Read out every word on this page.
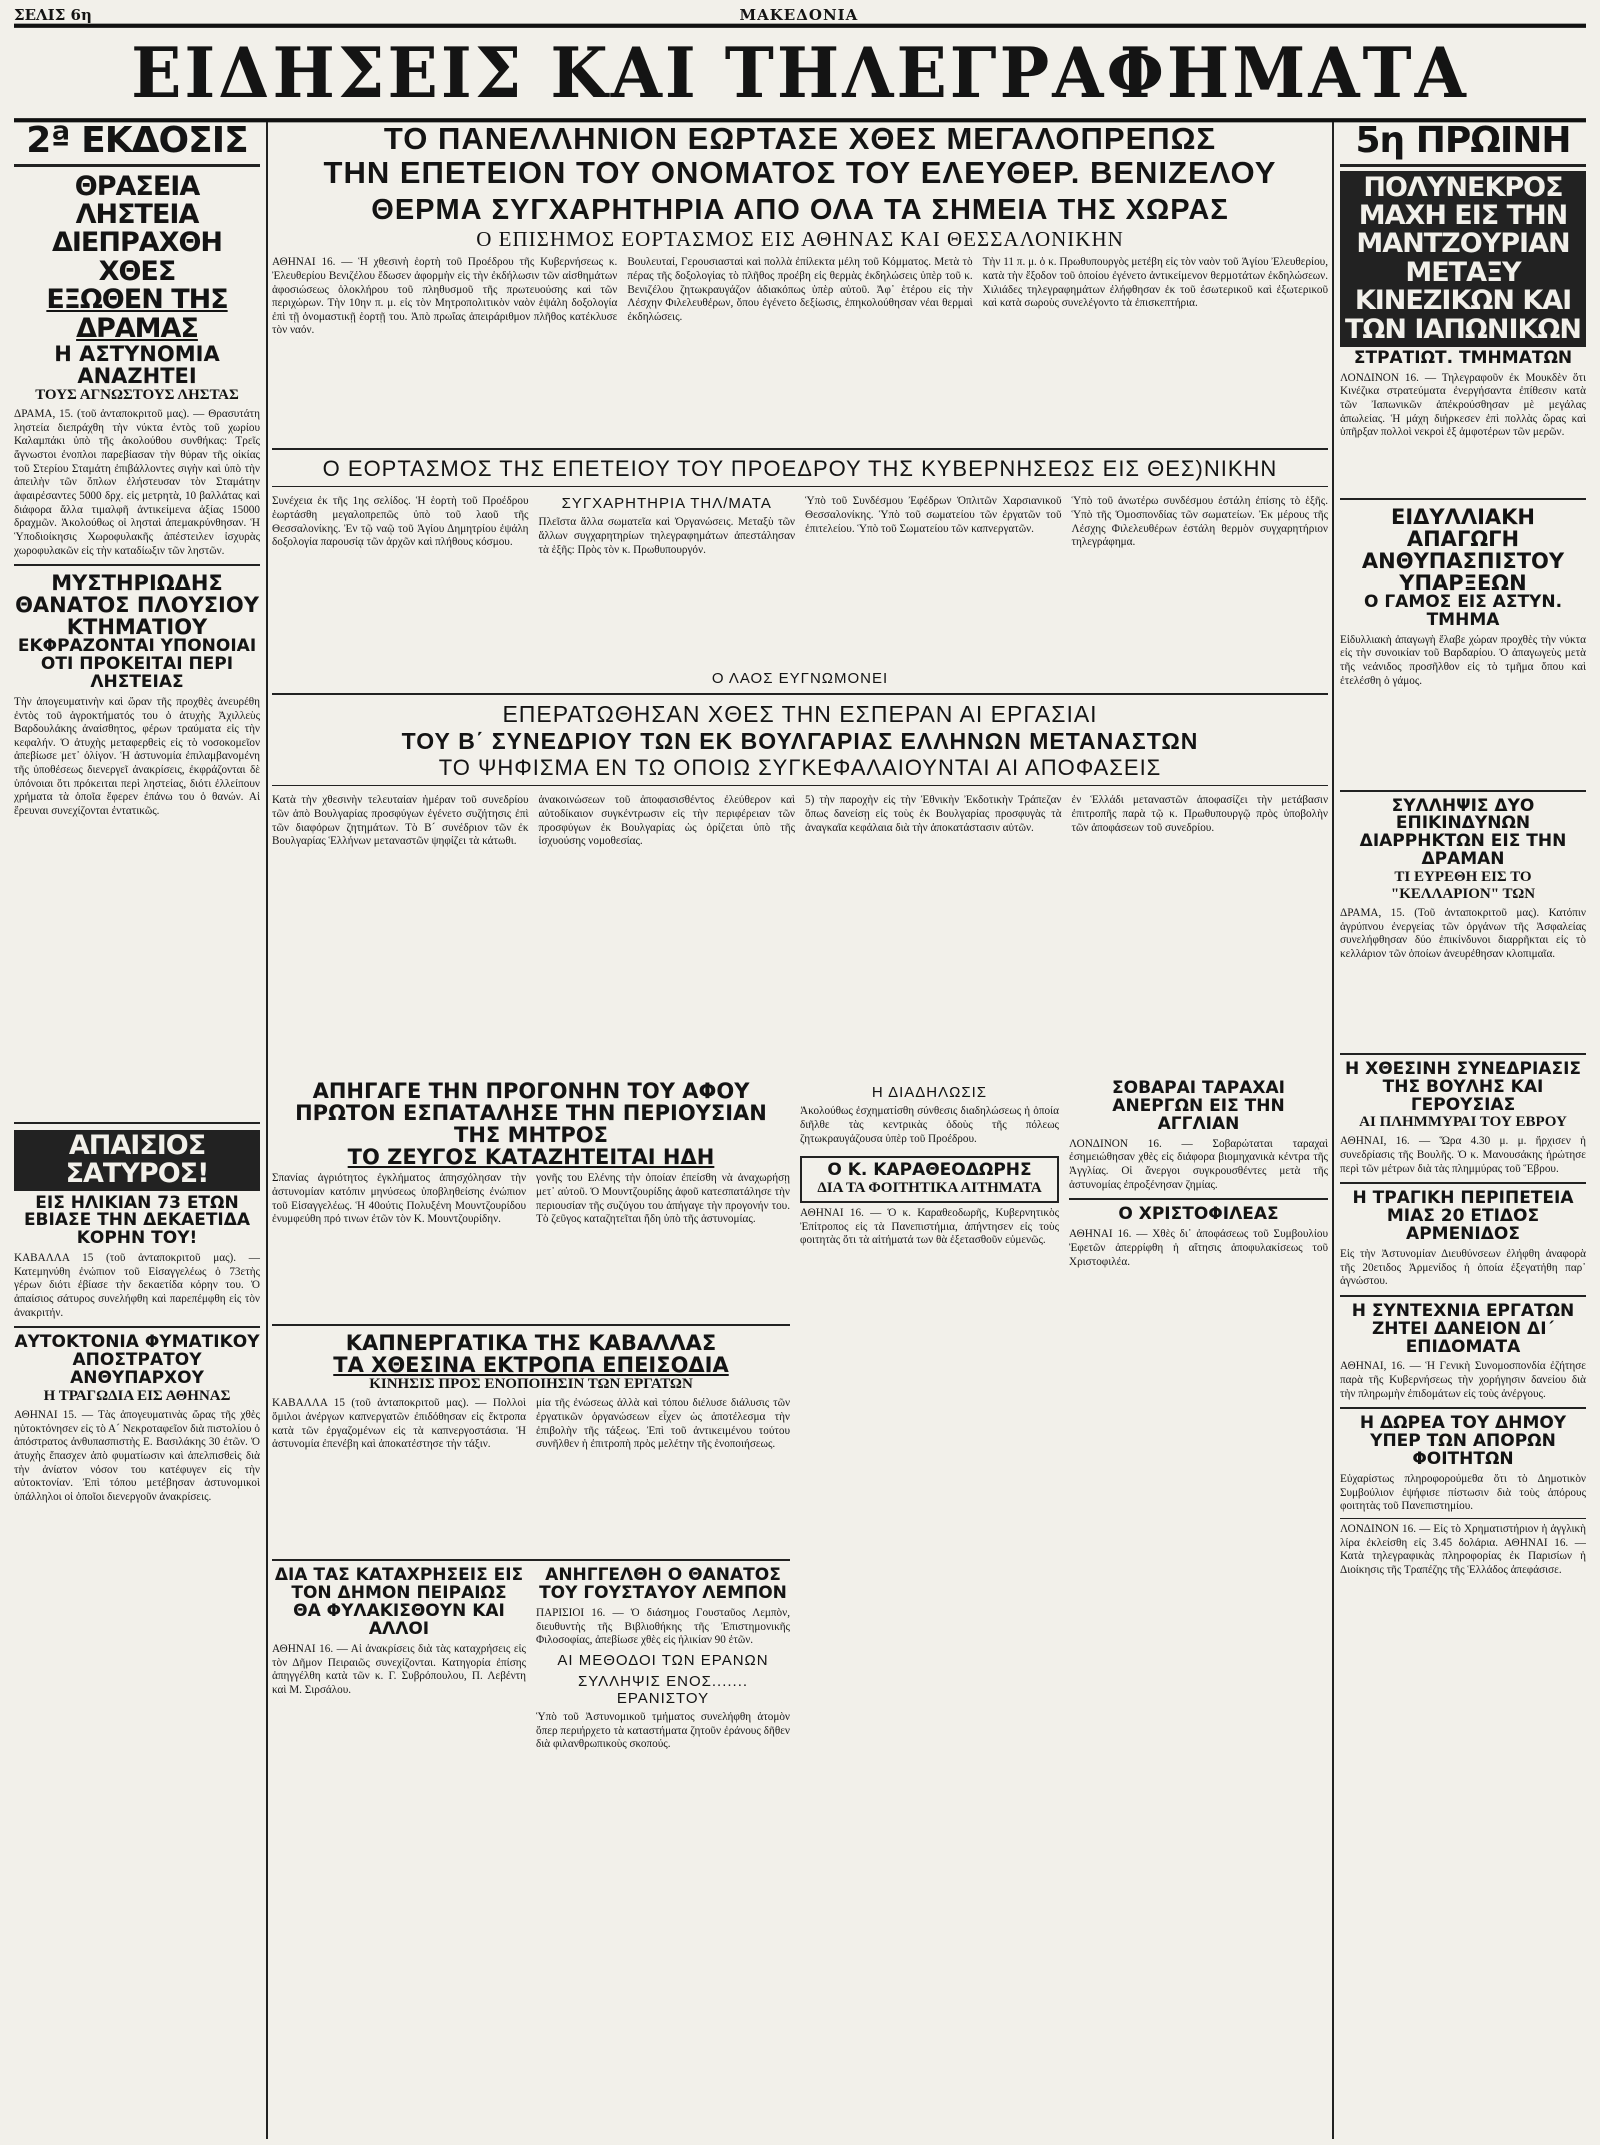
ΣΕΛΙΣ 6η	ΜΑΚΕΔΟΝΙΑ
ΕΙΔΗΣΕΙΣ ΚΑΙ ΤΗΛΕΓΡΑΦΗΜΑΤΑ
2ª ΕΚΔΟΣΙΣ
ΘΡΑΣΕΙΑ ΛΗΣΤΕΙΑ ΔΙΕΠΡΑΧΘΗ ΧΘΕΣ
ΕΞΩΘΕΝ ΤΗΣ ΔΡΑΜΑΣ
Η ΑΣΤΥΝΟΜΙΑ ΑΝΑΖΗΤΕΙ
ΤΟΥΣ ΑΓΝΩΣΤΟΥΣ ΛΗΣΤΑΣ
ΔΡΑΜΑ, 15. (τοῦ ἀνταποκριτοῦ μας). — Θρασυτάτη ληστεία διεπράχθη τὴν νύκτα ἐντὸς τοῦ χωρίου Καλαμπάκι ὑπὸ τῆς ἀκολούθου συνθήκας: Τρεῖς ἄγνωστοι ἐνοπλοι παρεβίασαν τὴν θύραν τῆς οἰκίας τοῦ Στερίου Σταμάτη ἐπιβάλλοντες σιγὴν καὶ ὑπὸ τὴν ἀπειλὴν τῶν ὅπλων ἐλήστευσαν τὸν Σταμάτην ἀφαιρέσαντες 5000 δρχ. εἰς μετρητὰ, 10 βαλλάτας καὶ διάφορα ἄλλα τιμαλφῆ ἀντικείμενα ἀξίας 15000 δραχμῶν. Ἀκολούθως οἱ λησταὶ ἀπεμακρύνθησαν. Ἡ Ὑποδιοίκησις Χωροφυλακῆς ἀπέστειλεν ἰσχυρὰς χωροφυλακῶν εἰς τὴν καταδίωξιν τῶν ληστῶν.
ΜΥΣΤΗΡΙΩΔΗΣ ΘΑΝΑΤΟΣ ΠΛΟΥΣΙΟΥ ΚΤΗΜΑΤΙΟΥ
ΕΚΦΡΑΖΟΝΤΑΙ ΥΠΟΝΟΙΑΙ ΟΤΙ ΠΡΟΚΕΙΤΑΙ ΠΕΡΙ ΛΗΣΤΕΙΑΣ
Τὴν ἀπογευματινὴν καὶ ὥραν τῆς προχθὲς ἀνευρέθη ἐντὸς τοῦ ἀγροκτήματός του ὁ ἀτυχὴς Ἀχιλλεὺς Βαρδουλάκης ἀναίσθητος, φέρων τραύματα εἰς τὴν κεφαλήν. Ὁ ἀτυχὴς μεταφερθεὶς εἰς τὸ νοσοκομεῖον ἀπεβίωσε μετ᾽ ὀλίγον. Ἡ ἀστυνομία ἐπιλαμβανομένη τῆς ὑποθέσεως διενεργεῖ ἀνακρίσεις, ἐκφράζονται δὲ ὑπόνοιαι ὅτι πρόκειται περὶ ληστείας, διότι ἐλλείπουν χρήματα τὰ ὁποῖα ἔφερεν ἐπάνω του ὁ θανών. Αἱ ἔρευναι συνεχίζονται ἐντατικῶς.
ΑΠΑΙΣΙΟΣ ΣΑΤΥΡΟΣ!
ΕΙΣ ΗΛΙΚΙΑΝ 73 ΕΤΩΝ ΕΒΙΑΣΕ ΤΗΝ ΔΕΚΑΕΤΙΔΑ ΚΟΡΗΝ ΤΟΥ!
ΚΑΒΑΛΛΑ 15 (τοῦ ἀνταποκριτοῦ μας). — Κατεμηνύθη ἐνώπιον τοῦ Εἰσαγγελέως ὁ 73ετὴς γέρων διότι ἐβίασε τὴν δεκαετίδα κόρην του. Ὁ ἀπαίσιος σάτυρος συνελήφθη καὶ παρεπέμφθη εἰς τὸν ἀνακριτήν.
ΑΥΤΟΚΤΟΝΙΑ ΦΥΜΑΤΙΚΟΥ ΑΠΟΣΤΡΑΤΟΥ ΑΝΘΥΠΑΡΧΟΥ
Η ΤΡΑΓΩΔΙΑ ΕΙΣ ΑΘΗΝΑΣ
ΑΘΗΝΑΙ 15. — Τὰς ἀπογευματινὰς ὥρας τῆς χθὲς ηὐτοκτόνησεν εἰς τὸ Α´ Νεκροταφεῖον διὰ πιστολίου ὁ ἀπόστρατος ἀνθυπασπιστὴς Ε. Βασιλάκης 30 ἐτῶν. Ὁ ἀτυχὴς ἔπασχεν ἀπὸ φυματίωσιν καὶ ἀπελπισθεὶς διὰ τὴν ἀνίατον νόσον του κατέφυγεν εἰς τὴν αὐτοκτονίαν. Ἐπὶ τόπου μετέβησαν ἀστυνομικοὶ ὑπάλληλοι οἱ ὁποῖοι διενεργοῦν ἀνακρίσεις.
ΤΟ ΠΑΝΕΛΛΗΝΙΟΝ ΕΩΡΤΑΣΕ ΧΘΕΣ ΜΕΓΑΛΟΠΡΕΠΩΣ
ΤΗΝ ΕΠΕΤΕΙΟΝ ΤΟΥ ΟΝΟΜΑΤΟΣ ΤΟΥ ΕΛΕΥΘΕΡ. ΒΕΝΙΖΕΛΟΥ
ΘΕΡΜΑ ΣΥΓΧΑΡΗΤΗΡΙΑ ΑΠΟ ΟΛΑ ΤΑ ΣΗΜΕΙΑ ΤΗΣ ΧΩΡΑΣ
Ο ΕΠΙΣΗΜΟΣ ΕΟΡΤΑΣΜΟΣ ΕΙΣ ΑΘΗΝΑΣ ΚΑΙ ΘΕΣΣΑΛΟΝΙΚΗΝ
ΑΘΗΝΑΙ 16. — Ἡ χθεσινὴ ἑορτὴ τοῦ Προέδρου τῆς Κυβερνήσεως κ. Ἐλευθερίου Βενιζέλου ἔδωσεν ἀφορμὴν εἰς τὴν ἐκδήλωσιν τῶν αἰσθημάτων ἀφοσιώσεως ὁλοκλήρου τοῦ πληθυσμοῦ τῆς πρωτευούσης καὶ τῶν περιχώρων. Τὴν 10ην π. μ. εἰς τὸν Μητροπολιτικὸν ναὸν ἐψάλη δοξολογία ἐπὶ τῇ ὀνομαστικῇ ἑορτῇ του. Ἀπὸ πρωΐας ἀπειράριθμον πλῆθος κατέκλυσε τὸν ναόν.
Βουλευταί, Γερουσιασταὶ καὶ πολλὰ ἐπίλεκτα μέλη τοῦ Κόμματος. Μετὰ τὸ πέρας τῆς δοξολογίας τὸ πλῆθος προέβη εἰς θερμὰς ἐκδηλώσεις ὑπὲρ τοῦ κ. Βενιζέλου ζητωκραυγάζον ἀδιακόπως ὑπὲρ αὐτοῦ. Ἀφ᾽ ἑτέρου εἰς τὴν Λέσχην Φιλελευθέρων, ὅπου ἐγένετο δεξίωσις, ἐπηκολούθησαν νέαι θερμαὶ ἐκδηλώσεις.
Τὴν 11 π. μ. ὁ κ. Πρωθυπουργὸς μετέβη εἰς τὸν ναὸν τοῦ Ἁγίου Ἐλευθερίου, κατὰ τὴν ἔξοδον τοῦ ὁποίου ἐγένετο ἀντικείμενον θερμοτάτων ἐκδηλώσεων. Χιλιάδες τηλεγραφημάτων ἐλήφθησαν ἐκ τοῦ ἐσωτερικοῦ καὶ ἐξωτερικοῦ καὶ κατὰ σωροὺς συνελέγοντο τὰ ἐπισκεπτήρια.
Ο ΕΟΡΤΑΣΜΟΣ ΤΗΣ ΕΠΕΤΕΙΟΥ ΤΟΥ ΠΡΟΕΔΡΟΥ ΤΗΣ ΚΥΒΕΡΝΗΣΕΩΣ ΕΙΣ ΘΕΣ)ΝΙΚΗΝ
Συνέχεια ἐκ τῆς 1ης σελίδος. Ἡ ἑορτὴ τοῦ Προέδρου ἑωρτάσθη μεγαλοπρεπῶς ὑπὸ τοῦ λαοῦ τῆς Θεσσαλονίκης. Ἐν τῷ ναῷ τοῦ Ἁγίου Δημητρίου ἐψάλη δοξολογία παρουσίᾳ τῶν ἀρχῶν καὶ πλήθους κόσμου.
ΣΥΓΧΑΡΗΤΗΡΙΑ ΤΗΛ/ΜΑΤΑ
Πλεῖστα ἄλλα σωματεῖα καὶ Ὀργανώσεις. Μεταξὺ τῶν ἄλλων συγχαρητηρίων τηλεγραφημάτων ἀπεστάλησαν τὰ ἑξῆς: Πρὸς τὸν κ. Πρωθυπουργόν.
Ὑπὸ τοῦ Συνδέσμου Ἐφέδρων Ὁπλιτῶν Χαρσιανικοῦ Θεσσαλονίκης. Ὑπὸ τοῦ σωματείου τῶν ἐργατῶν τοῦ ἐπιτελείου. Ὑπὸ τοῦ Σωματείου τῶν καπνεργατῶν.
Ὑπὸ τοῦ ἀνωτέρω συνδέσμου ἐστάλη ἐπίσης τὸ ἑξῆς. Ὑπὸ τῆς Ὁμοσπονδίας τῶν σωματείων. Ἐκ μέρους τῆς Λέσχης Φιλελευθέρων ἐστάλη θερμὸν συγχαρητήριον τηλεγράφημα.
Ο ΛΑΟΣ ΕΥΓΝΩΜΟΝΕΙ
ΕΠΕΡΑΤΩΘΗΣΑΝ ΧΘΕΣ ΤΗΝ ΕΣΠΕΡΑΝ ΑΙ ΕΡΓΑΣΙΑΙ
ΤΟΥ Β΄ ΣΥΝΕΔΡΙΟΥ ΤΩΝ ΕΚ ΒΟΥΛΓΑΡΙΑΣ ΕΛΛΗΝΩΝ ΜΕΤΑΝΑΣΤΩΝ
ΤΟ ΨΗΦΙΣΜΑ ΕΝ ΤΩ ΟΠΟΙΩ ΣΥΓΚΕΦΑΛΑΙΟΥΝΤΑΙ ΑΙ ΑΠΟΦΑΣΕΙΣ
Κατὰ τὴν χθεσινὴν τελευταίαν ἡμέραν τοῦ συνεδρίου τῶν ἀπὸ Βουλγαρίας προσφύγων ἐγένετο συζήτησις ἐπὶ τῶν διαφόρων ζητημάτων. Τὸ Β´ συνέδριον τῶν ἐκ Βουλγαρίας Ἑλλήνων μεταναστῶν ψηφίζει τὰ κάτωθι.
ἀνακοινώσεων τοῦ ἀποφασισθέντος ἐλεύθερον καὶ αὐτοδίκαιον συγκέντρωσιν εἰς τὴν περιφέρειαν τῶν προσφύγων ἐκ Βουλγαρίας ὡς ὁρίζεται ὑπὸ τῆς ἰσχυούσης νομοθεσίας.
5) τὴν παροχὴν εἰς τὴν Ἐθνικὴν Ἐκδοτικὴν Τράπεζαν ὅπως δανείσῃ εἰς τοὺς ἐκ Βουλγαρίας προσφυγὰς τὰ ἀναγκαῖα κεφάλαια διὰ τὴν ἀποκατάστασιν αὐτῶν.
ἐν Ἑλλάδι μεταναστῶν ἀποφασίζει τὴν μετάβασιν ἐπιτροπῆς παρὰ τῷ κ. Πρωθυπουργῷ πρὸς ὑποβολὴν τῶν ἀποφάσεων τοῦ συνεδρίου.
ΑΠΗΓΑΓΕ ΤΗΝ ΠΡΟΓΟΝΗΝ ΤΟΥ ΑΦΟΥ ΠΡΩΤΟΝ ΕΣΠΑΤΑΛΗΣΕ ΤΗΝ ΠΕΡΙΟΥΣΙΑΝ ΤΗΣ ΜΗΤΡΟΣ
ΤΟ ΖΕΥΓΟΣ ΚΑΤΑΖΗΤΕΙΤΑΙ ΗΔΗ
Σπανίας ἀγριότητος ἐγκλήματος ἀπησχόλησαν τὴν ἀστυνομίαν κατόπιν μηνύσεως ὑποβληθείσης ἐνώπιον τοῦ Εἰσαγγελέως. Ἡ 40ούτις Πολυξένη Μουντζουρίδου ἐνυμφεύθη πρό τινων ἐτῶν τὸν Κ. Μουντζουρίδην.
γονῆς του Ελένης τὴν ὁποίαν ἐπείσθη νὰ ἀναχωρήσῃ μετ᾽ αὐτοῦ. Ὁ Μουντζουρίδης ἀφοῦ κατεσπατάλησε τὴν περιουσίαν τῆς συζύγου του ἀπήγαγε τὴν προγονήν του. Τὸ ζεῦγος καταζητεῖται ἤδη ὑπὸ τῆς ἀστυνομίας.
ΚΑΠΝΕΡΓΑΤΙΚΑ ΤΗΣ ΚΑΒΑΛΛΑΣ
ΤΑ ΧΘΕΣΙΝΑ ΕΚΤΡΟΠΑ ΕΠΕΙΣΟΔΙΑ
ΚΙΝΗΣΙΣ ΠΡΟΣ ΕΝΟΠΟΙΗΣΙΝ ΤΩΝ ΕΡΓΑΤΩΝ
ΚΑΒΑΛΛΑ 15 (τοῦ ἀνταποκριτοῦ μας). — Πολλοὶ ὅμιλοι ἀνέργων καπνεργατῶν ἐπιδόθησαν εἰς ἔκτροπα κατὰ τῶν ἐργαζομένων εἰς τὰ καπνεργοστάσια. Ἡ ἀστυνομία ἐπενέβη καὶ ἀποκατέστησε τὴν τάξιν.
μία τῆς ἐνώσεως ἀλλὰ καὶ τόπου διέλυσε διάλυσις τῶν ἐργατικῶν ὀργανώσεων εἶχεν ὡς ἀποτέλεσμα τὴν ἐπιβολὴν τῆς τάξεως. Ἐπὶ τοῦ ἀντικειμένου τούτου συνῆλθεν ἡ ἐπιτροπὴ πρὸς μελέτην τῆς ἑνοποιήσεως.
ΔΙΑ ΤΑΣ ΚΑΤΑΧΡΗΣΕΙΣ ΕΙΣ ΤΟΝ ΔΗΜΟΝ ΠΕΙΡΑΙΩΣ
ΘΑ ΦΥΛΑΚΙΣΘΟΥΝ ΚΑΙ ΑΛΛΟΙ
ΑΘΗΝΑΙ 16. — Αἱ ἀνακρίσεις διὰ τὰς καταχρήσεις εἰς τὸν Δῆμον Πειραιῶς συνεχίζονται. Κατηγορία ἐπίσης ἀπηγγέλθη κατὰ τῶν κ. Γ. Συβρόπουλου, Π. Λεβέντη καὶ Μ. Σιρσάλου.
ΑΝΗΓΓΕΛΘΗ Ο ΘΑΝΑΤΟΣ ΤΟΥ ΓΟΥΣΤΑΥΟΥ ΛΕΜΠΟΝ
ΠΑΡΙΣΙΟΙ 16. — Ὁ διάσημος Γουσταῦος Λεμπὸν, διευθυντὴς τῆς Βιβλιοθήκης τῆς Ἐπιστημονικῆς Φιλοσοφίας, ἀπεβίωσε χθὲς εἰς ἡλικίαν 90 ἐτῶν.
ΑΙ ΜΕΘΟΔΟΙ ΤΩΝ ΕΡΑΝΩΝ
ΣΥΛΛΗΨΙΣ ΕΝΟΣ....... ΕΡΑΝΙΣΤΟΥ
Ὑπὸ τοῦ Ἀστυνομικοῦ τμήματος συνελήφθη ἀτομὸν ὅπερ περιήρχετο τὰ καταστήματα ζητοῦν ἐράνους δῆθεν διὰ φιλανθρωπικοὺς σκοπούς.
Η ΔΙΑΔΗΛΩΣΙΣ
Ἀκολούθως ἐσχηματίσθη σύνθεσις διαδηλώσεως ἡ ὁποία διῆλθε τὰς κεντρικὰς ὁδοὺς τῆς πόλεως ζητωκραυγάζουσα ὑπὲρ τοῦ Προέδρου.
Ο Κ. ΚΑΡΑΘΕΟΔΩΡΗΣ
ΔΙΑ ΤΑ ΦΟΙΤΗΤΙΚΑ ΑΙΤΗΜΑΤΑ
ΑΘΗΝΑΙ 16. — Ὁ κ. Καραθεοδωρῆς, Κυβερνητικὸς Ἐπίτροπος εἰς τὰ Πανεπιστήμια, ἀπήντησεν εἰς τοὺς φοιτητὰς ὅτι τὰ αἰτήματά των θὰ ἐξετασθοῦν εὐμενῶς.
ΣΟΒΑΡΑΙ ΤΑΡΑΧΑΙ ΑΝΕΡΓΩΝ ΕΙΣ ΤΗΝ ΑΓΓΛΙΑΝ
ΛΟΝΔΙΝΟΝ 16. — Σοβαρώταται ταραχαὶ ἐσημειώθησαν χθὲς εἰς διάφορα βιομηχανικὰ κέντρα τῆς Ἀγγλίας. Οἱ ἄνεργοι συγκρουσθέντες μετὰ τῆς ἀστυνομίας ἐπροξένησαν ζημίας.
Ο ΧΡΙΣΤΟΦΙΛΕΑΣ
ΑΘΗΝΑΙ 16. — Χθὲς δι᾽ ἀποφάσεως τοῦ Συμβουλίου Ἐφετῶν ἀπερρίφθη ἡ αἴτησις ἀποφυλακίσεως τοῦ Χριστοφιλέα.
5η ΠΡΩΙΝΗ
ΠΟΛΥΝΕΚΡΟΣ ΜΑΧΗ ΕΙΣ ΤΗΝ ΜΑΝΤΖΟΥΡΙΑΝ ΜΕΤΑΞΥ ΚΙΝΕΖΙΚΩΝ ΚΑΙ ΤΩΝ ΙΑΠΩΝΙΚΩΝ
ΣΤΡΑΤΙΩΤ. ΤΜΗΜΑΤΩΝ
ΛΟΝΔΙΝΟΝ 16. — Τηλεγραφοῦν ἐκ Μουκδὲν ὅτι Κινέζικα στρατεύματα ἐνεργήσαντα ἐπίθεσιν κατὰ τῶν Ἰαπωνικῶν ἀπέκρούσθησαν μὲ μεγάλας ἀπωλείας. Ἡ μάχη διήρκεσεν ἐπὶ πολλὰς ὥρας καὶ ὑπῆρξαν πολλοὶ νεκροὶ ἐξ ἀμφοτέρων τῶν μερῶν.
ΕΙΔΥΛΛΙΑΚΗ ΑΠΑΓΩΓΗ ΑΝΘΥΠΑΣΠΙΣΤΟΥ ΥΠΑΡΞΕΩΝ
Ο ΓΑΜΟΣ ΕΙΣ ΑΣΤΥΝ. ΤΜΗΜΑ
Εἰδυλλιακὴ ἀπαγωγὴ ἔλαβε χώραν προχθὲς τὴν νύκτα εἰς τὴν συνοικίαν τοῦ Βαρδαρίου. Ὁ ἀπαγωγεὺς μετὰ τῆς νεάνιδος προσῆλθον εἰς τὸ τμῆμα ὅπου καὶ ἐτελέσθη ὁ γάμος.
ΣΥΛΛΗΨΙΣ ΔΥΟ ΕΠΙΚΙΝΔΥΝΩΝ ΔΙΑΡΡΗΚΤΩΝ ΕΙΣ ΤΗΝ ΔΡΑΜΑΝ
ΤΙ ΕΥΡΕΘΗ ΕΙΣ ΤΟ "ΚΕΛΛΑΡΙΟΝ" ΤΩΝ
ΔΡΑΜΑ, 15. (Τοῦ ἀνταποκριτοῦ μας). Κατόπιν ἀγρύπνου ἐνεργείας τῶν ὀργάνων τῆς Ἀσφαλείας συνελήφθησαν δύο ἐπικίνδυνοι διαρρῆκται εἰς τὸ κελλάριον τῶν ὁποίων ἀνευρέθησαν κλοπιμαῖα.
Η ΧΘΕΣΙΝΗ ΣΥΝΕΔΡΙΑΣΙΣ ΤΗΣ ΒΟΥΛΗΣ ΚΑΙ ΓΕΡΟΥΣΙΑΣ
ΑΙ ΠΛΗΜΜΥΡΑΙ ΤΟΥ ΕΒΡΟΥ
ΑΘΗΝΑΙ, 16. — Ὥρα 4.30 μ. μ. ἤρχισεν ἡ συνεδρίασις τῆς Βουλῆς. Ὁ κ. Μανουσάκης ἠρώτησε περὶ τῶν μέτρων διὰ τὰς πλημμύρας τοῦ Ἕβρου.
Η ΤΡΑΓΙΚΗ ΠΕΡΙΠΕΤΕΙΑ ΜΙΑΣ 20 ΕΤΙΔΟΣ ΑΡΜΕΝΙΔΟΣ
Εἰς τὴν Ἀστυνομίαν Διευθύνσεων ἐλήφθη ἀναφορὰ τῆς 20ετιδος Ἀρμενίδος ἡ ὁποία ἐξεγατήθη παρ᾽ ἀγνώστου.
Η ΣΥΝΤΕΧΝΙΑ ΕΡΓΑΤΩΝ ΖΗΤΕΙ ΔΑΝΕΙΟΝ ΔΙ΄ ΕΠΙΔΟΜΑΤΑ
ΑΘΗΝΑΙ, 16. — Ἡ Γενικὴ Συνομοσπονδία ἐζήτησε παρὰ τῆς Κυβερνήσεως τὴν χορήγησιν δανείου διὰ τὴν πληρωμὴν ἐπιδομάτων εἰς τοὺς ἀνέργους.
Η ΔΩΡΕΑ ΤΟΥ ΔΗΜΟΥ ΥΠΕΡ ΤΩΝ ΑΠΟΡΩΝ ΦΟΙΤΗΤΩΝ
Εὐχαρίστως πληροφορούμεθα ὅτι τὸ Δημοτικὸν Συμβούλιον ἐψήφισε πίστωσιν διὰ τοὺς ἀπόρους φοιτητὰς τοῦ Πανεπιστημίου.
ΛΟΝΔΙΝΟΝ 16. — Εἰς τὸ Χρηματιστήριον ἡ ἀγγλικὴ λίρα ἐκλείσθη εἰς 3.45 δολάρια. ΑΘΗΝΑΙ 16. — Κατὰ τηλεγραφικὰς πληροφορίας ἐκ Παρισίων ἡ Διοίκησις τῆς Τραπέζης τῆς Ἑλλάδος ἀπεφάσισε.
